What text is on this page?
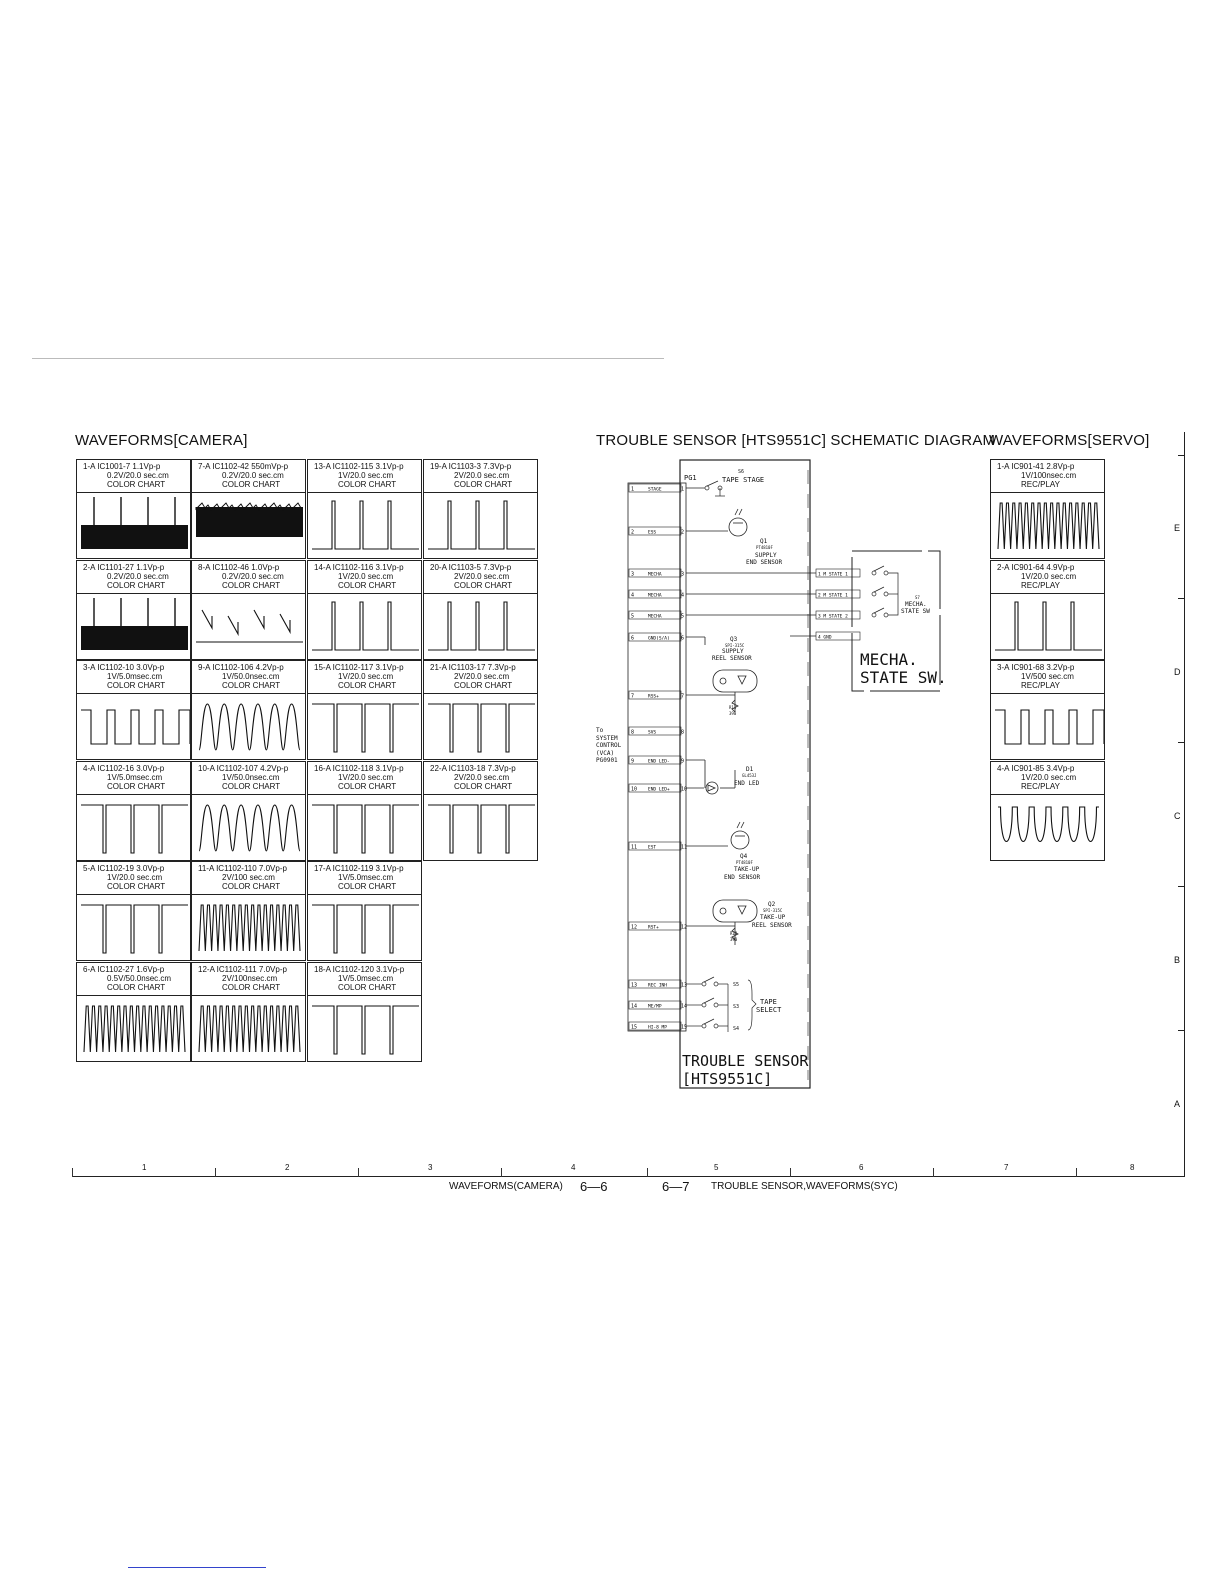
WAVEFORMS[CAMERA]	TROUBLE SENSOR [HTS9551C] SCHEMATIC DIAGRAM
WAVEFORMS[SERVO]
1-A IC1001-7 1.1Vp-p
0.2V/20.0 sec.cm
COLOR CHART
7-A IC1102-42 550mVp-p
0.2V/20.0 sec.cm
COLOR CHART
13-A IC1102-115 3.1Vp-p
1V/20.0 sec.cm
COLOR CHART
19-A IC1103-3 7.3Vp-p
2V/20.0 sec.cm
COLOR CHART
2-A IC1101-27 1.1Vp-p
0.2V/20.0 sec.cm
COLOR CHART
8-A IC1102-46 1.0Vp-p
0.2V/20.0 sec.cm
COLOR CHART
14-A IC1102-116 3.1Vp-p
1V/20.0 sec.cm
COLOR CHART
20-A IC1103-5 7.3Vp-p
2V/20.0 sec.cm
COLOR CHART
3-A IC1102-10 3.0Vp-p
1V/5.0msec.cm
COLOR CHART
9-A IC1102-106 4.2Vp-p
1V/50.0nsec.cm
COLOR CHART
15-A IC1102-117 3.1Vp-p
1V/20.0 sec.cm
COLOR CHART
21-A IC1103-17 7.3Vp-p
2V/20.0 sec.cm
COLOR CHART
4-A IC1102-16 3.0Vp-p
1V/5.0msec.cm
COLOR CHART
10-A IC1102-107 4.2Vp-p
1V/50.0nsec.cm
COLOR CHART
16-A IC1102-118 3.1Vp-p
1V/20.0 sec.cm
COLOR CHART
22-A IC1103-18 7.3Vp-p
2V/20.0 sec.cm
COLOR CHART
5-A IC1102-19 3.0Vp-p
1V/20.0 sec.cm
COLOR CHART
11-A IC1102-110 7.0Vp-p
2V/100 sec.cm
COLOR CHART
17-A IC1102-119 3.1Vp-p
1V/5.0msec.cm
COLOR CHART
6-A IC1102-27 1.6Vp-p
0.5V/50.0nsec.cm
COLOR CHART
12-A IC1102-111 7.0Vp-p
2V/100nsec.cm
COLOR CHART
18-A IC1102-120 3.1Vp-p
1V/5.0msec.cm
COLOR CHART
1-A IC901-41 2.8Vp-p
1V/100nsec.cm
REC/PLAY
2-A IC901-64 4.9Vp-p
1V/20.0 sec.cm
REC/PLAY
3-A IC901-68 3.2Vp-p
1V/500 sec.cm
REC/PLAY
4-A IC901-85 3.4Vp-p
1V/20.0 sec.cm
REC/PLAY
1	STAGE	1
2	ESS	2
3	MECHA	3
4	MECHA	4
5	MECHA	5
6	GND(S/A) 6
7	RSS+	7
8	SVS	8
9	END LED- 9
10 END LED+ 10
11 EST	11
12 RST+	12
13 REC INH	13
14 ME/MP	14
15 HI-8 MP	15
1 M STATE 1
2 M STATE 1
3 M STATE 2
4 GND
PG1
S6
TAPE STAGE
Q1
PT4810F
SUPPLY
END SENSOR
Q3
SPI-315C
SUPPLY
REEL SENSOR
R11
390
D1
GL453J
END LED
Q4
PT4810F
TAKE-UP
END SENSOR
Q2
SPI-315C
TAKE-UP
REEL SENSOR
R10
390
S5
S3
S4
TAPE
SELECT
S7
MECHA.
STATE SW
MECHA.
STATE SW.
To
SYSTEM
CONTROL
(VCA)
PG0901
TROUBLE SENSOR
[HTS9551C]
E
D
C
B
A
1	2	3	4	5	6	7	8
WAVEFORMS(CAMERA) 6—6	6—7 TROUBLE SENSOR,WAVEFORMS(SYC)
